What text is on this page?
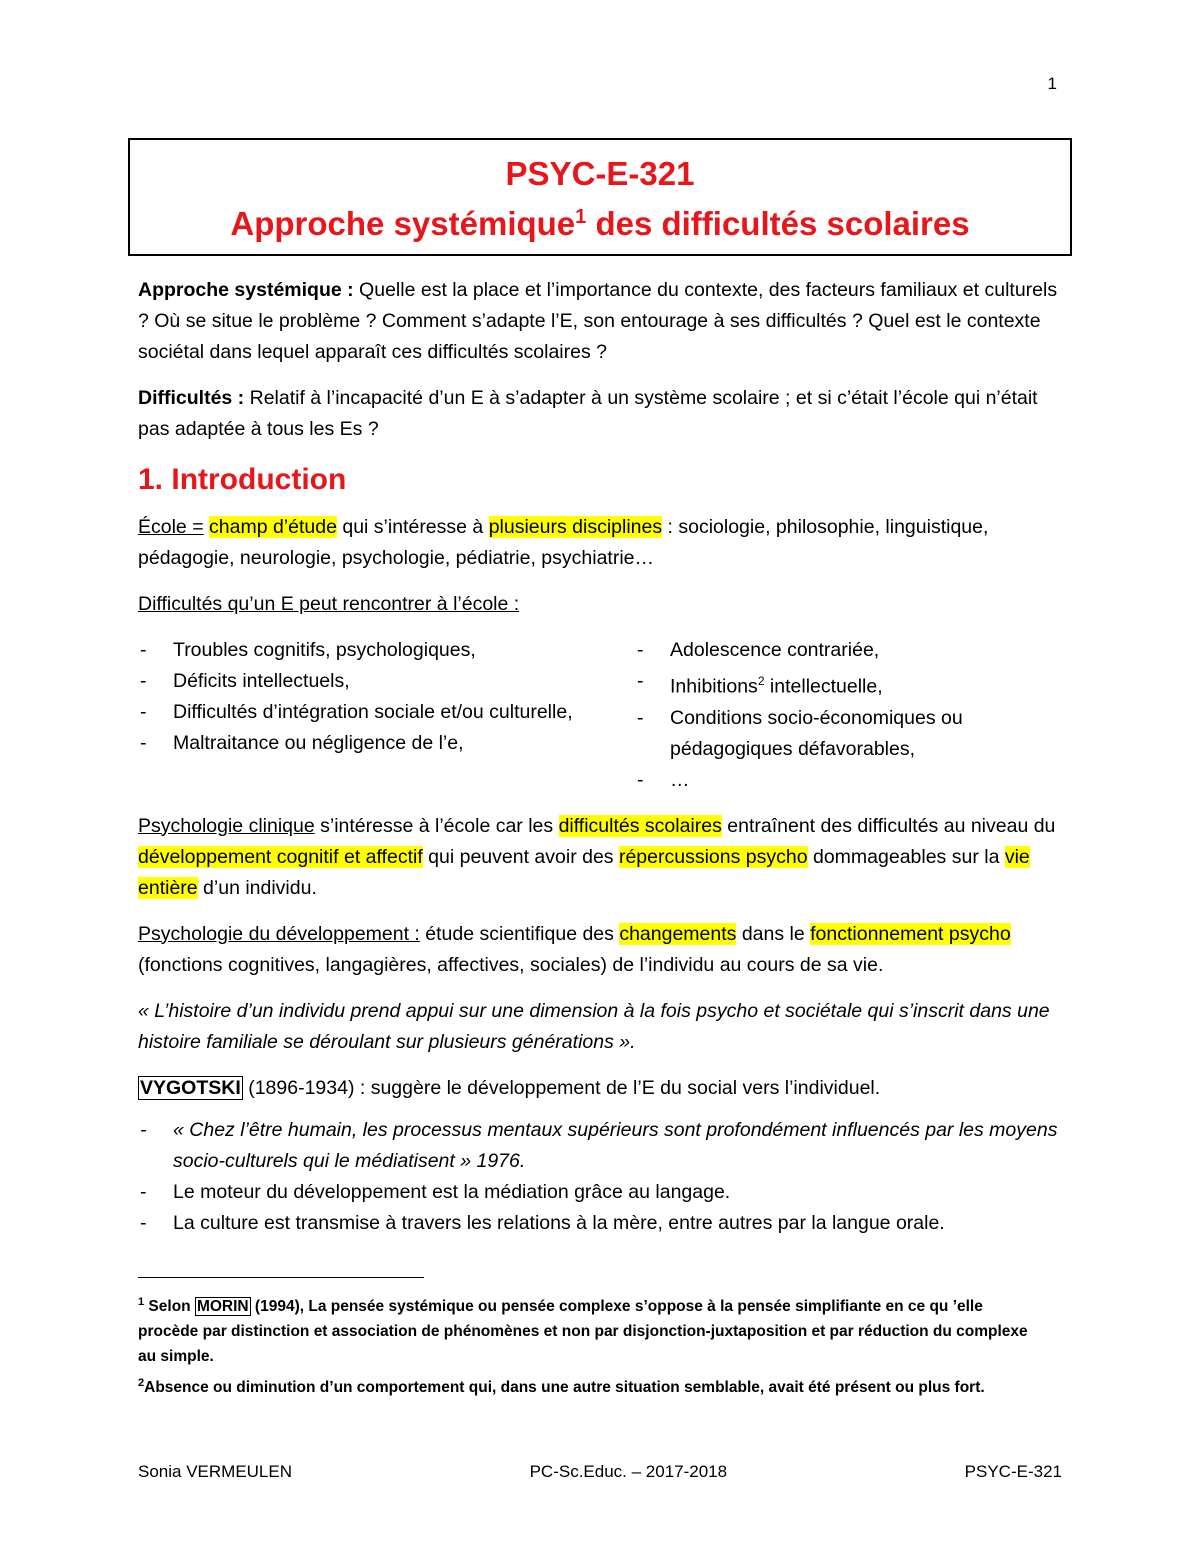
1
PSYC-E-321
Approche systémique$^1$ des difficultés scolaires

Approche systémique : Quelle est la place et l’importance du contexte, des facteurs familiaux et culturels ? Où se situe le problème ? Comment s’adapte l’E, son entourage à ses difficultés ? Quel est le contexte sociétal dans lequel apparaît ces difficultés scolaires ?

Difficultés : Relatif à l’incapacité d’un E à s’adapter à un système scolaire ; et si c’était l’école qui n’était pas adaptée à tous les Es ?

1. Introduction

École = champ d’étude qui s’intéresse à plusieurs disciplines : sociologie, philosophie, linguistique, pédagogie, neurologie, psychologie, pédiatrie, psychiatrie…

Difficultés qu’un E peut rencontrer à l’école :

- Troubles cognitifs, psychologiques,
- Déficits intellectuels,
- Difficultés d’intégration sociale et/ou culturelle,
- Maltraitance ou négligence de l’e,
- Adolescence contrariée,
- Inhibitions$^2$ intellectuelle,
- Conditions socio-économiques ou pédagogiques défavorables,
- …

Psychologie clinique s’intéresse à l’école car les difficultés scolaires entraînent des difficultés au niveau du développement cognitif et affectif qui peuvent avoir des répercussions psycho dommageables sur la vie entière d’un individu.

Psychologie du développement : étude scientifique des changements dans le fonctionnement psycho (fonctions cognitives, langagières, affectives, sociales) de l’individu au cours de sa vie.

« L’histoire d’un individu prend appui sur une dimension à la fois psycho et sociétale qui s’inscrit dans une histoire familiale se déroulant sur plusieurs générations ».

VYGOTSKI (1896-1934) : suggère le développement de l’E du social vers l’individuel.

- « Chez l’être humain, les processus mentaux supérieurs sont profondément influencés par les moyens socio-culturels qui le médiatisent » 1976.
- Le moteur du développement est la médiation grâce au langage.
- La culture est transmise à travers les relations à la mère, entre autres par la langue orale.

$^1$ Selon MORIN (1994), La pensée systémique ou pensée complexe s’oppose à la pensée simplifiante en ce qu ’elle procède par distinction et association de phénomènes et non par disjonction-juxtaposition et par réduction du complexe au simple.

$^2$Absence ou diminution d’un comportement qui, dans une autre situation semblable, avait été présent ou plus fort.

Sonia VERMEULEN	PC-Sc.Educ. – 2017-2018	PSYC-E-321
